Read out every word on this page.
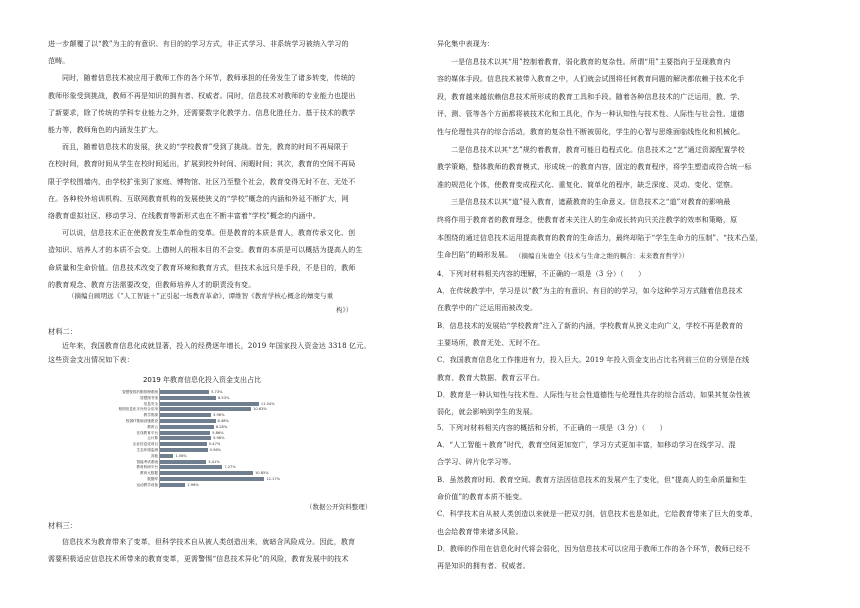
进一步颠覆了以“教”为主的有意识、有目的的学习方式，非正式学习、非系统学习被纳入学习的
范畴。
同时，随着信息技术被应用于教师工作的各个环节，教师承担的任务发生了诸多转变，传统的
教师形象受到挑战，教师不再是知识的拥有者、权威者。同时，信息技术对教师的专业能力也提出
了新要求，除了传统的学科专业能力之外，还需要数字化教学力、信息化胜任力、基于技术的教学
能力等，教师角色的内涵发生扩大。
而且，随着信息技术的发展，狭义的“学校教育”受到了挑战。首先，教育的时间不再局限于
在校时间，教育时间从学生在校时间延出，扩展到校外时间、闲暇时间；其次，教育的空间不再局
限于学校围墙内，由学校扩张到了家庭、博物馆、社区乃至整个社会，教育变得无时不在、无处不
在。各种校外培训机构、互联网教育机构的发展使狭义的“学校”概念的内涵和外延不断扩大，网
络教育虚拟社区、移动学习、在线教育等新形式也在不断丰富着“学校”概念的内涵中。
可以说，信息技术正在使教育发生革命性的变革。但是教育的本质是育人，教育传承文化、创
造知识、培养人才的本质不会变。上德树人的根本目的不会变。教育的本质是可以概括为提高人的生
命质量和生命价值。信息技术改变了教育环境和教育方式，但技术永远只是手段，不是目的，教师
的教育观念、教育方法需要改变，但教师培养人才的职责没有变。
（摘编自顾明远《“人工智能＋”正引起一场教育革命》、谭维智《教育学核心概念的嬗变与重
构》）
材料二：
近年来，我国教育信息化成就显著，投入的经费逐年增长，2019 年国家投入资金达 3318 亿元。
这些资金支出情况如下表：
（数据公开资料整理）
材料三：
信息技术为教育带来了变革，但科学技术自从被人类创造出来，就暗含风险成分。因此，教育
需要积极适应信息技术所带来的教育变革，更需警惕“信息技术异化”的风险，教育发展中的技术
2019 年教育信息化投入资金支出占比
智慧校园后勤管理系统	5.73%
智慧图书馆	6.53%
信息安全	11.54%
校园信息化平台综合应用	10.63%
教学资源	5.96%
校园IT基础设施建设	6.48%
教育云	6.28%
在线教育平台	5.86%
云计算	5.96%
企业信息化项目	5.47%
生态环境监测	5.56%
其他	1.56%
智能考试系统	5.41%
教育科研平台	7.27%
教育大数据	10.85%
数据库	12.17%
运动教学设备	2.96%
异化集中表现为：
一是信息技术以其“用”控制着教育，弱化教育的复杂性。所谓“用”主要指向于呈现教育内
容的媒体手段。信息技术被带入教育之中，人们就会试图将任何教育问题的解决都依赖于技术化手
段，教育越来越依赖信息技术所形成的教育工具和手段。随着各种信息技术的广泛运用，教、学、
评、测、管等各个方面都将被技术化和工具化，作为一种认知性与技术性、人际性与社会性、道德
性与伦理性共存的综合活动，教育的复杂性不断被弱化，学生的心智与思维面临线性化和机械化。
二是信息技术以其“艺”规约着教育，教育可能日趋程式化。信息技术之“艺”通过资源配置学校
教学策略，整体教师的教育模式，形成统一的教育内容，固定的教育程序，将学生塑造成符合统一标
准的规范化个体，使教育变成程式化、重复化、简单化的程序，缺乏深度、灵动、变化、觉察。
三是信息技术以其“道”侵入教育，遮蔽教育的生命意义。信息技术之“道”对教育的影响最
终将作用于教育者的教育理念，使教育者未关注人的生命成长转向只关注教学的效率和策略，原
本围绕的通过信息技术运用提高教育的教育的生命活力，最终却陷于“学生生命力的压制”、“技术凸显，
生命凹陷”的畸形发展。 （摘编自朱德全《技术与生命之维的耦合：未来教育哲学》）
4．下列对材料相关内容的理解，不正确的一项是（3 分）（　　）
A．在传统教学中，学习是以“教”为主的有意识、有目的的学习，如今这种学习方式随着信息技术
在教学中的广泛运用而被改变。
B．信息技术的发展给“学校教育”注入了新的内涵，学校教育从狭义走向广义，学校不再是教育的
主要场所，教育无处、无时不在。
C．我国教育信息化工作推进有力，投入巨大。2019 年投入资金支出占比名列前三位的分别是在线
教育、教育大数据、教育云平台。
D．教育是一种认知性与技术性、人际性与社会性道德性与伦理性共存的综合活动，如果其复杂性被
弱化，就会影响到学生的发展。
5．下列对材料相关内容的概括和分析，不正确的一项是（3 分）（　　）
A．“人工智能＋教育”时代，教育空间更加宽广，学习方式更加丰富，如移动学习在线学习、混
合学习、碎片化学习等。
B．虽然教育时间、教育空间、教育方法因信息技术的发展产生了变化，但“提高人的生命质量和生
命价值”的教育本质不能变。
C．科学技术自从被人类创造以来就是一把双刃剑，信息技术也是如此，它给教育带来了巨大的变革，
也会给教育带来诸多风险。
D．教师的作用在信息化时代将会弱化，因为信息技术可以应用于教师工作的各个环节，教师已经不
再是知识的拥有者、权威者。
